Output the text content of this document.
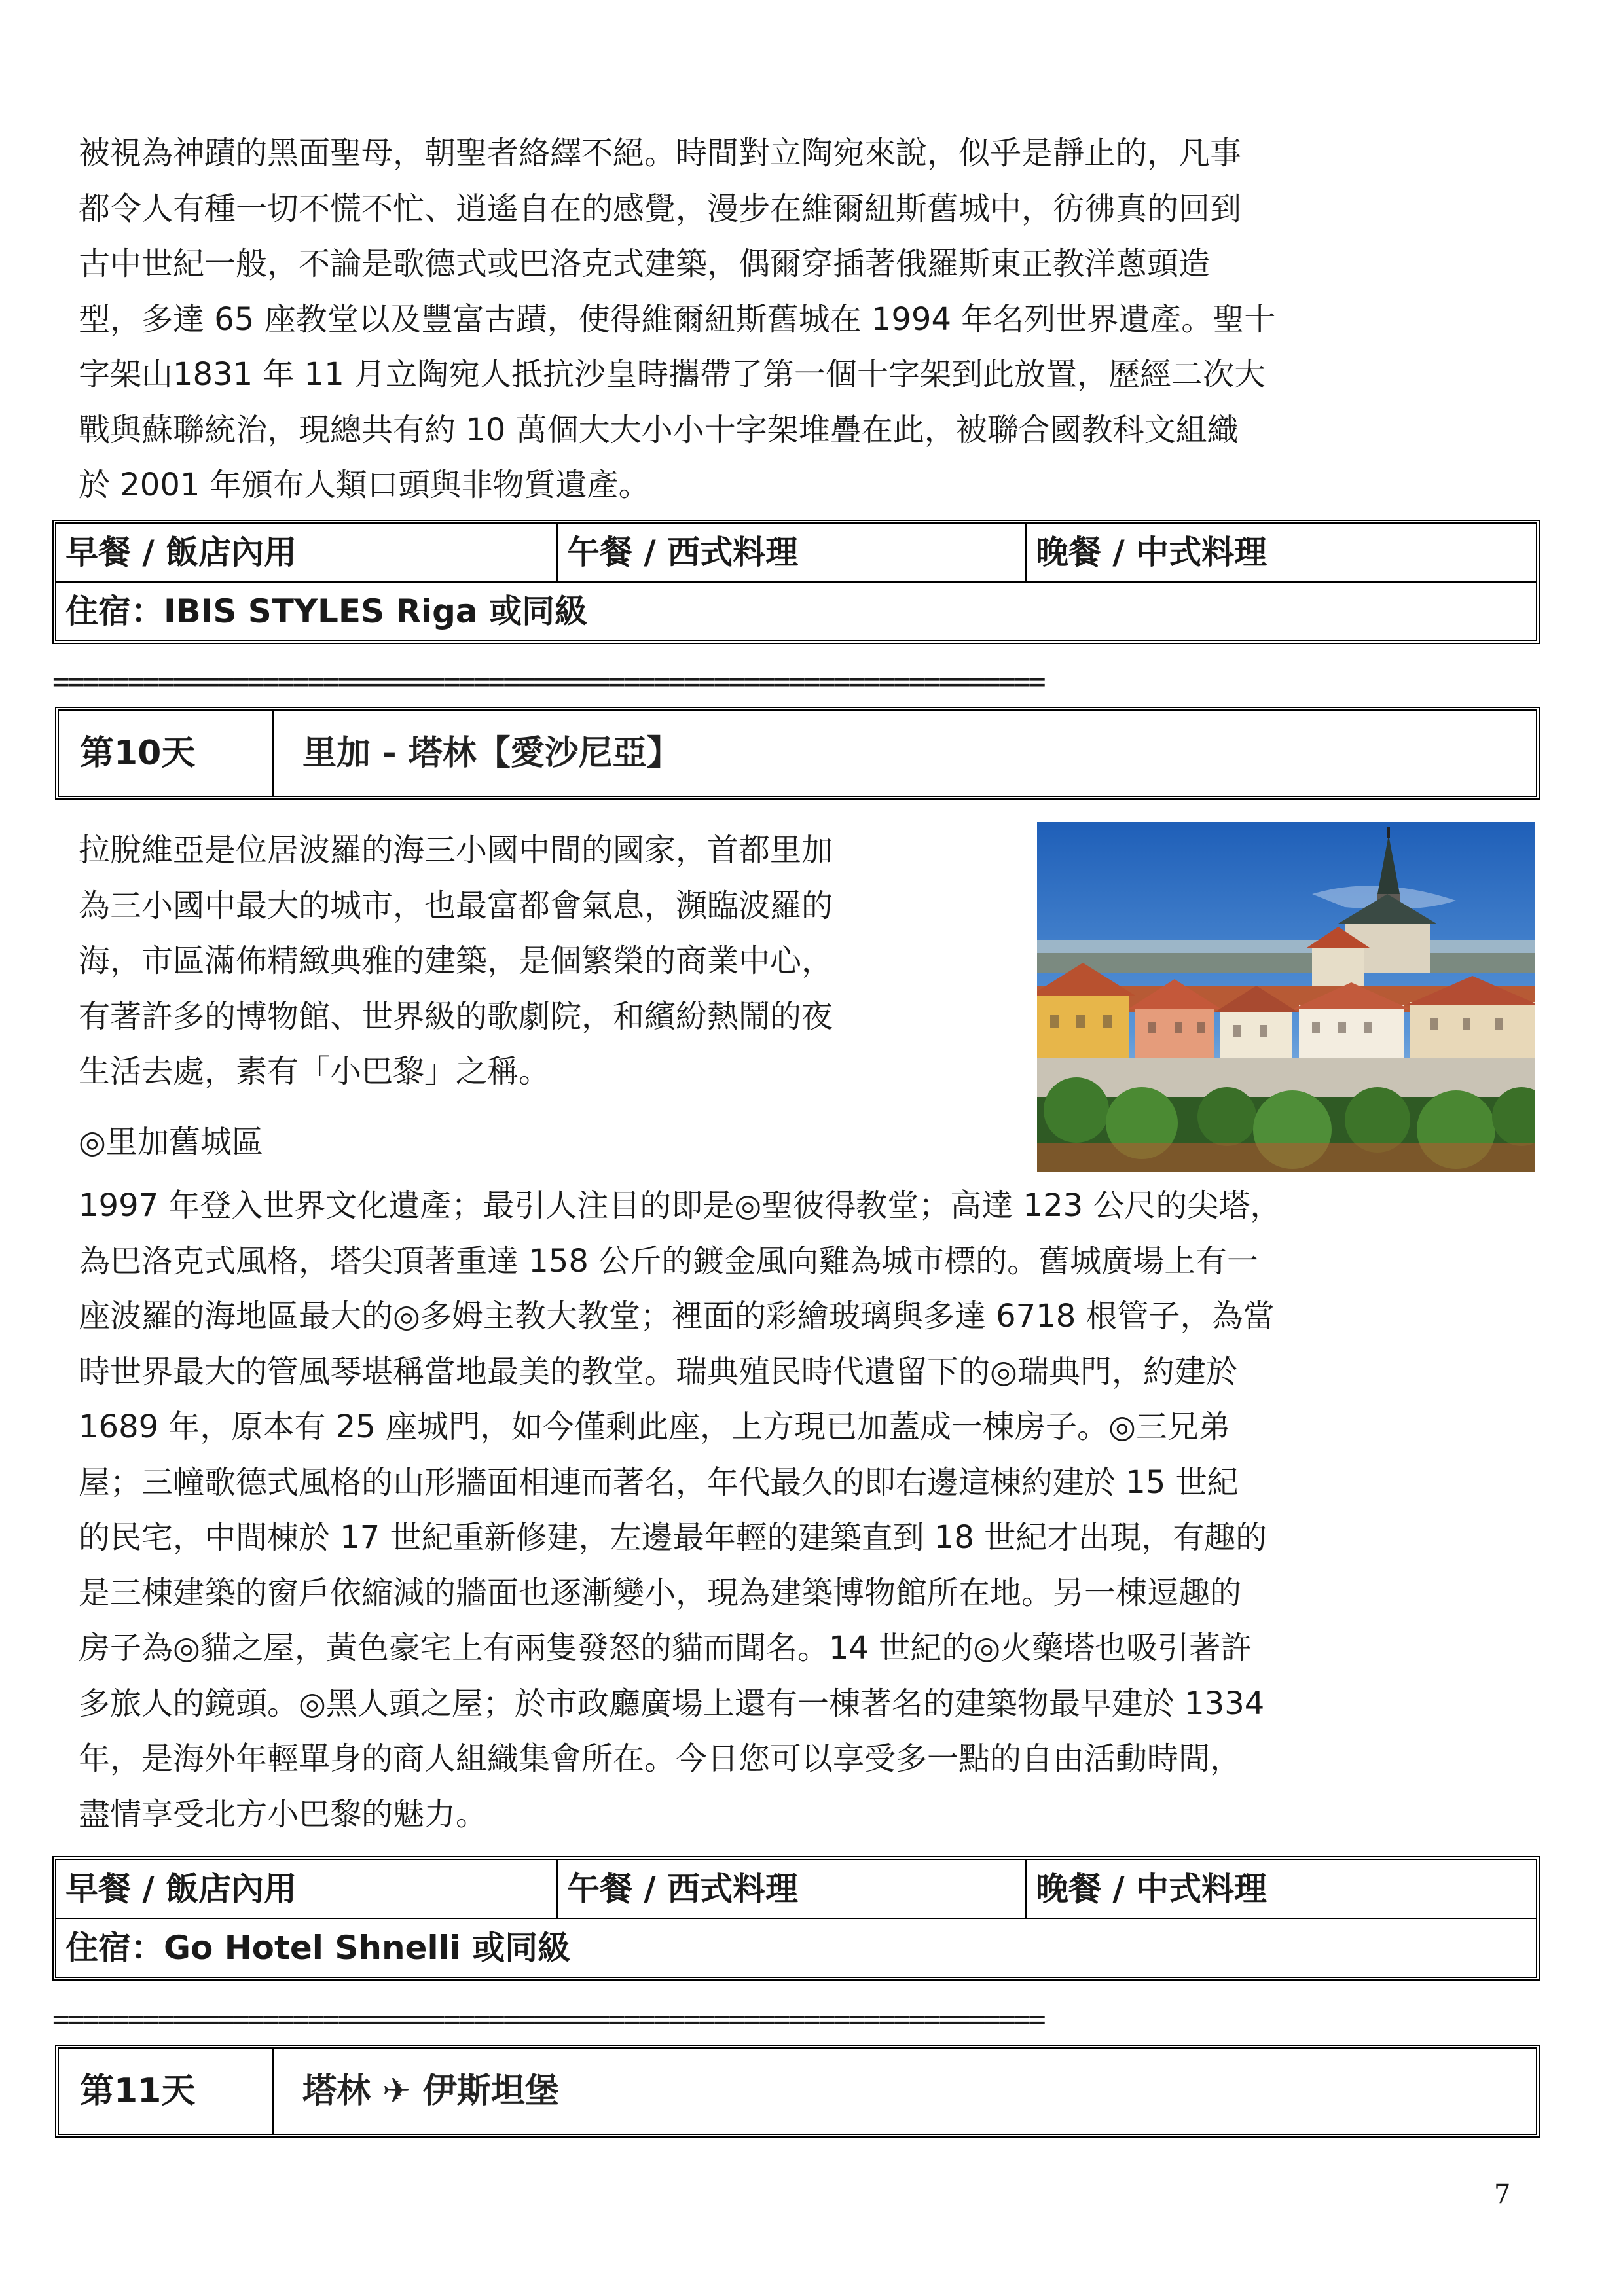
被視為神蹟的黑面聖母，朝聖者絡繹不絕。時間對立陶宛來說，似乎是靜止的，凡事
都令人有種一切不慌不忙、逍遙自在的感覺，漫步在維爾紐斯舊城中，彷彿真的回到
古中世紀一般，不論是歌德式或巴洛克式建築，偶爾穿插著俄羅斯東正教洋蔥頭造
型，多達 65 座教堂以及豐富古蹟，使得維爾紐斯舊城在 1994 年名列世界遺產。聖十
字架山1831 年 11 月立陶宛人抵抗沙皇時攜帶了第一個十字架到此放置，歷經二次大
戰與蘇聯統治，現總共有約 10 萬個大大小小十字架堆疊在此，被聯合國教科文組織
於 2001 年頒布人類口頭與非物質遺產。
早餐 / 飯店內用	午餐 / 西式料理	晚餐 / 中式料理
住宿：IBIS STYLES Riga 或同級
==================================================================
第10天	里加 - 塔林【愛沙尼亞】
拉脫維亞是位居波羅的海三小國中間的國家，首都里加
為三小國中最大的城市，也最富都會氣息，瀕臨波羅的
海，市區滿佈精緻典雅的建築，是個繁榮的商業中心，
有著許多的博物館、世界級的歌劇院，和繽紛熱鬧的夜
生活去處，素有「小巴黎」之稱。
◎里加舊城區
1997 年登入世界文化遺產；最引人注目的即是◎聖彼得教堂；高達 123 公尺的尖塔，
為巴洛克式風格，塔尖頂著重達 158 公斤的鍍金風向雞為城市標的。舊城廣場上有一
座波羅的海地區最大的◎多姆主教大教堂；裡面的彩繪玻璃與多達 6718 根管子，為當
時世界最大的管風琴堪稱當地最美的教堂。瑞典殖民時代遺留下的◎瑞典門，約建於
1689 年，原本有 25 座城門，如今僅剩此座，上方現已加蓋成一棟房子。◎三兄弟
屋；三幢歌德式風格的山形牆面相連而著名，年代最久的即右邊這棟約建於 15 世紀
的民宅，中間棟於 17 世紀重新修建，左邊最年輕的建築直到 18 世紀才出現，有趣的
是三棟建築的窗戶依縮減的牆面也逐漸變小，現為建築博物館所在地。另一棟逗趣的
房子為◎貓之屋，黃色豪宅上有兩隻發怒的貓而聞名。14 世紀的◎火藥塔也吸引著許
多旅人的鏡頭。◎黑人頭之屋；於市政廳廣場上還有一棟著名的建築物最早建於 1334
年，是海外年輕單身的商人組織集會所在。今日您可以享受多一點的自由活動時間，
盡情享受北方小巴黎的魅力。
早餐 / 飯店內用	午餐 / 西式料理	晚餐 / 中式料理
住宿：Go Hotel Shnelli 或同級
==================================================================
第11天	塔林 ✈ 伊斯坦堡
7
